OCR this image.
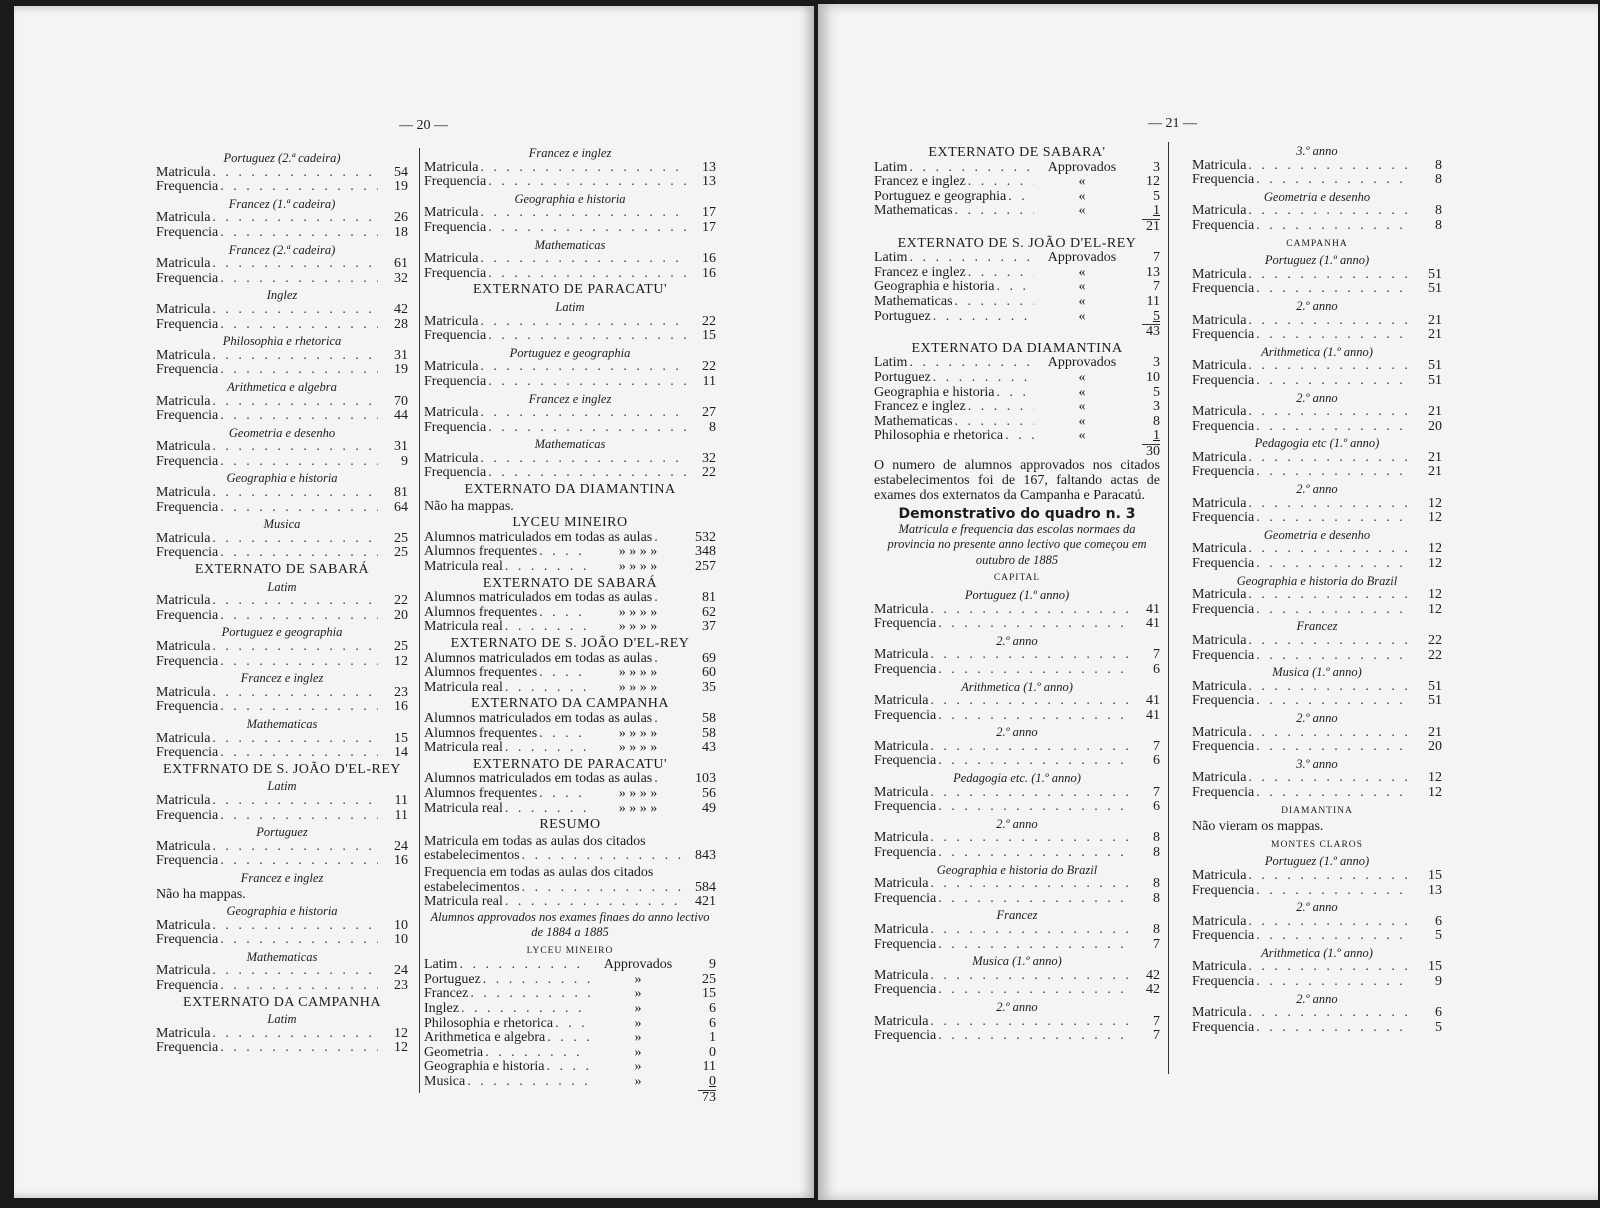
— 20 —
Portuguez (2.ª cadeira)
Matricula . . .	54
Frequencia . . .	19
Francez (1.ª cadeira)
Matricula . . .	26
Frequencia . . .	18
Francez (2.ª cadeira)
Matricula . . .	61
Frequencia . . .	32
Inglez
Matricula . . .	42
Frequencia . . .	28
Philosophia e rhetorica
Matricula . . .	31
Frequencia . . .	19
Arithmetica e algebra
Matricula . . .	70
Frequencia . . .	44
Geometria e desenho
Matricula . . .	31
Frequencia . . .	9
Geographia e historia
Matricula . . .	81
Frequencia . . .	64
Musica
Matricula . . .	25
Frequencia . . .	25
EXTERNATO DE SABARÁ
Latim
Matricula . . .	22
Frequencia . . .	20
Portuguez e geographia
Matricula . . .	25
Frequencia . . .	12
Francez e inglez
Matricula . . .	23
Frequencia . . .	16
Mathematicas
Matricula . . .	15
Frequencia . . .	14
EXTFRNATO DE S. JOÃO D'EL-REY
Latim
Matricula . . .	11
Frequencia . . .	11
Portuguez
Matricula . . .	24
Frequencia . . .	16
Francez e inglez
Não ha mappas.
Geographia e historia
Matricula . . .	10
Frequencia . . .	10
Mathematicas
Matricula . . .	24
Frequencia . . .	23
EXTERNATO DA CAMPANHA
Latim
Matricula . . .	12
Frequencia . . .	12
Francez e inglez
Matricula . . .	13
Frequencia . . .	13
Geographia e historia
Matricula . . .	17
Frequencia . . .	17
Mathematicas
Matricula . . .	16
Frequencia . . .	16
EXTERNATO DE PARACATU'
Latim
Matricula . . .	22
Frequencia . . .	15
Portuguez e geographia
Matricula . . .	22
Frequencia . . .	11
Francez e inglez
Matricula . . .	27
Frequencia . . .	8
Mathematicas
Matricula . . .	32
Frequencia . . .	22
EXTERNATO DA DIAMANTINA
Não ha mappas.
LYCEU MINEIRO
Alumnos matriculados em todas as aulas . . .	532
Alumnos frequentes . . .	» » » »	348
Matricula real . . .	» » » »	257
EXTERNATO DE SABARÁ
Alumnos matriculados em todas as aulas . . .	81
Alumnos frequentes . . .	» » » »	62
Matricula real . . .	» » » »	37
EXTERNATO DE S. JOÃO D'EL-REY
Alumnos matriculados em todas as aulas . . .	69
Alumnos frequentes . . .	» » » »	60
Matricula real . . .	» » » »	35
EXTERNATO DA CAMPANHA
Alumnos matriculados em todas as aulas . . .	58
Alumnos frequentes . . .	» » » »	58
Matricula real . . .	» » » »	43
EXTERNATO DE PARACATU'
Alumnos matriculados em todas as aulas . . .	103
Alumnos frequentes . . .	» » » »	56
Matricula real . . .	» » » »	49
RESUMO
Matricula em todas as aulas dos citados
estabelecimentos . . .	843
Frequencia em todas as aulas dos citados
estabelecimentos . . .	584
Matricula real . . .	421
Alumnos approvados nos exames finaes do anno lectivo de 1884 a 1885
LYCEU MINEIRO
Latim . . .	Approvados	9
Portuguez . . .	»	25
Francez . . .	»	15
Inglez . . .	»	6
Philosophia e rhetorica . . .	»	6
Arithmetica e algebra . . .	»	1
Geometria . . .	»	0
Geographia e historia . . .	»	11
Musica . . .	»	0
73
— 21 —
EXTERNATO DE SABARA'
Latim . . .	Approvados	3
Francez e inglez . . .	«	12
Portuguez e geographia . . .	«	5
Mathematicas . . .	«	1
21
EXTERNATO DE S. JOÃO D'EL-REY
Latim . . .	Approvados	7
Francez e inglez . . .	«	13
Geographia e historia . . .	«	7
Mathematicas . . .	«	11
Portuguez . . .	«	5
43
EXTERNATO DA DIAMANTINA
Latim . . .	Approvados	3
Portuguez . . .	«	10
Geographia e historia . . .	«	5
Francez e inglez . . .	«	3
Mathematicas . . .	«	8
Philosophia e rhetorica . . .	«	1
30
O numero de alumnos approvados nos citados estabelecimentos foi de 167, faltando actas de exames dos externatos da Campanha e Paracatú.
Demonstrativo do quadro n. 3
Matricula e frequencia das escolas normaes da provincia no presente anno lectivo que começou em outubro de 1885
CAPITAL
Portuguez (1.º anno)
Matricula . . .	41
Frequencia . . .	41
2.º anno
Matricula . . .	7
Frequencia . . .	6
Arithmetica (1.º anno)
Matricula . . .	41
Frequencia . . .	41
2.º anno
Matricula . . .	7
Frequencia . . .	6
Pedagogia etc. (1.º anno)
Matricula . . .	7
Frequencia . . .	6
2.º anno
Matricula . . .	8
Frequencia . . .	8
Geographia e historia do Brazil
Matricula . . .	8
Frequencia . . .	8
Francez
Matricula . . .	8
Frequencia . . .	7
Musica (1.º anno)
Matricula . . .	42
Frequencia . . .	42
2.º anno
Matricula . . .	7
Frequencia . . .	7
3.º anno
Matricula . . .	8
Frequencia . . .	8
Geometria e desenho
Matricula . . .	8
Frequencia . . .	8
CAMPANHA
Portuguez (1.º anno)
Matricula . . .	51
Frequencia . . .	51
2.º anno
Matricula . . .	21
Frequencia . . .	21
Arithmetica (1.º anno)
Matricula . . .	51
Frequencia . . .	51
2.º anno
Matricula . . .	21
Frequencia . . .	20
Pedagogia etc (1.º anno)
Matricula . . .	21
Frequencia . . .	21
2.º anno
Matricula . . .	12
Frequencia . . .	12
Geometria e desenho
Matricula . . .	12
Frequencia . . .	12
Geographia e historia do Brazil
Matricula . . .	12
Frequencia . . .	12
Francez
Matricula . . .	22
Frequencia . . .	22
Musica (1.º anno)
Matricula . . .	51
Frequencia . . .	51
2.º anno
Matricula . . .	21
Frequencia . . .	20
3.º anno
Matricula . . .	12
Frequencia . . .	12
DIAMANTINA
Não vieram os mappas.
MONTES CLAROS
Portuguez (1.º anno)
Matricula . . .	15
Frequencia . . .	13
2.º anno
Matricula . . .	6
Frequencia . . .	5
Arithmetica (1.º anno)
Matricula . . .	15
Frequencia . . .	9
2.º anno
Matricula . . .	6
Frequencia . . .	5
